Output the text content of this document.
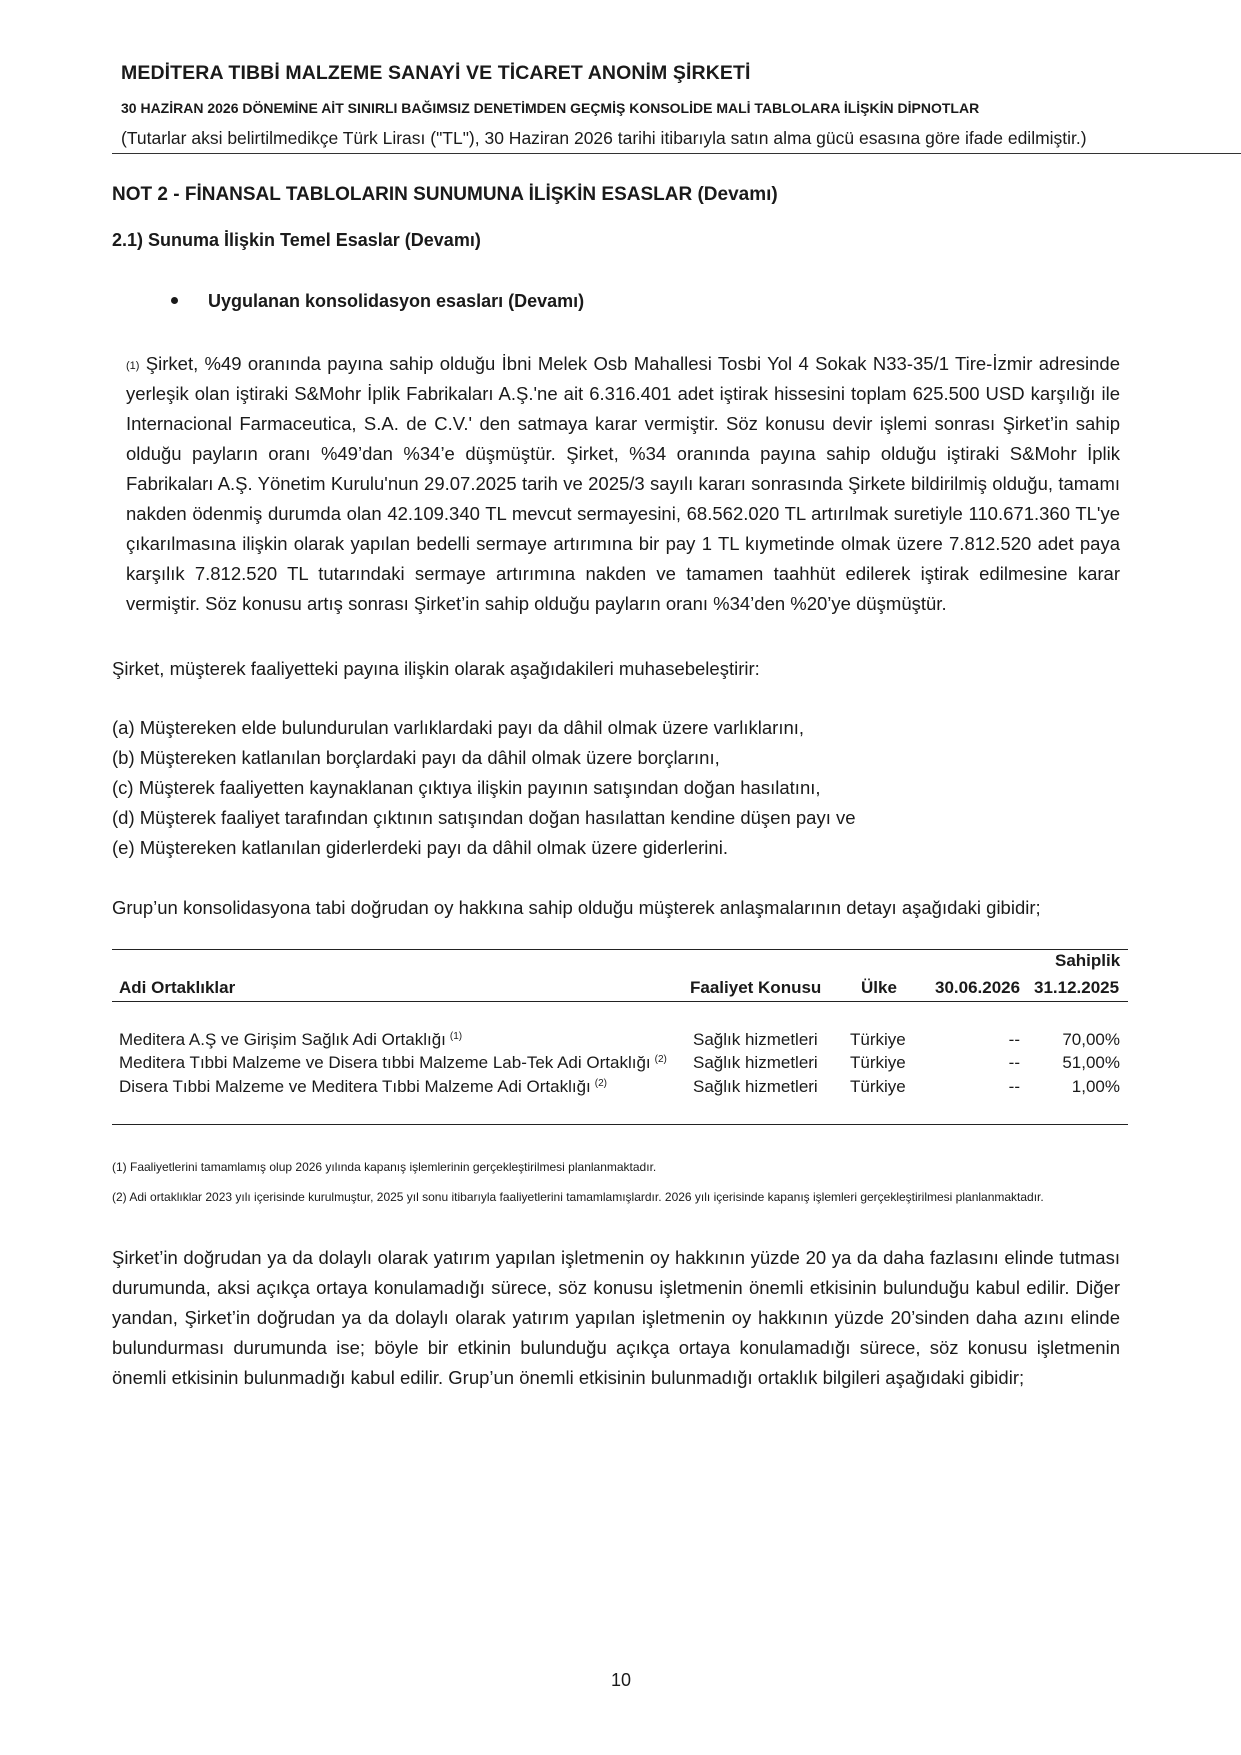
MEDİTERA TIBBİ MALZEME SANAYİ VE TİCARET ANONİM ŞİRKETİ
30 HAZİRAN 2026 DÖNEMİNE AİT SINIRLI BAĞIMSIZ DENETİMDEN GEÇMİŞ KONSOLİDE MALİ TABLOLARA İLİŞKİN DİPNOTLAR
(Tutarlar aksi belirtilmedikçe Türk Lirası ("TL"), 30 Haziran 2026 tarihi itibarıyla satın alma gücü esasına göre ifade edilmiştir.)
NOT 2 - FİNANSAL TABLOLARIN SUNUMUNA İLİŞKİN ESASLAR (Devamı)
2.1) Sunuma İlişkin Temel Esaslar (Devamı)
Uygulanan konsolidasyon esasları (Devamı)

$^{(1)}$ Şirket, %49 oranında payına sahip olduğu İbni Melek Osb Mahallesi Tosbi Yol 4 Sokak N33-35/1 Tire-İzmir adresinde yerleşik olan iştiraki S&Mohr İplik Fabrikaları A.Ş.'ne ait 6.316.401 adet iştirak hissesini toplam 625.500 USD karşılığı ile Internacional Farmaceutica, S.A. de C.V.' den satmaya karar vermiştir. Söz konusu devir işlemi sonrası Şirket’in sahip olduğu payların oranı %49’dan %34’e düşmüştür. Şirket, %34 oranında payına sahip olduğu iştiraki S&Mohr İplik Fabrikaları A.Ş. Yönetim Kurulu'nun 29.07.2025 tarih ve 2025/3 sayılı kararı sonrasında Şirkete bildirilmiş olduğu, tamamı nakden ödenmiş durumda olan 42.109.340 TL mevcut sermayesini, 68.562.020 TL artırılmak suretiyle 110.671.360 TL'ye çıkarılmasına ilişkin olarak yapılan bedelli sermaye artırımına bir pay 1 TL kıymetinde olmak üzere 7.812.520 adet paya karşılık 7.812.520 TL tutarındaki sermaye artırımına nakden ve tamamen taahhüt edilerek iştirak edilmesine karar vermiştir. Söz konusu artış sonrası Şirket’in sahip olduğu payların oranı %34’den %20’ye düşmüştür.

Şirket, müşterek faaliyetteki payına ilişkin olarak aşağıdakileri muhasebeleştirir:

(a) Müştereken elde bulundurulan varlıklardaki payı da dâhil olmak üzere varlıklarını,
(b) Müştereken katlanılan borçlardaki payı da dâhil olmak üzere borçlarını,
(c) Müşterek faaliyetten kaynaklanan çıktıya ilişkin payının satışından doğan hasılatını,
(d) Müşterek faaliyet tarafından çıktının satışından doğan hasılattan kendine düşen payı ve
(e) Müştereken katlanılan giderlerdeki payı da dâhil olmak üzere giderlerini.

Grup’un konsolidasyona tabi doğrudan oy hakkına sahip olduğu müşterek anlaşmalarının detayı aşağıdaki gibidir;

Sahiplik
Adi Ortaklıklar	Faaliyet Konusu Ülke 30.06.2026 31.12.2025
Meditera A.Ş ve Girişim Sağlık Adi Ortaklığı $^{(1)}$	Sağlık hizmetleri Türkiye	--	70,00%
Meditera Tıbbi Malzeme ve Disera tıbbi Malzeme Lab-Tek Adi Ortaklığı $^{(2)}$ Sağlık hizmetleri Türkiye	--	51,00%
Disera Tıbbi Malzeme ve Meditera Tıbbi Malzeme Adi Ortaklığı $^{(2)}$	Sağlık hizmetleri Türkiye	--	1,00%

(1) Faaliyetlerini tamamlamış olup 2026 yılında kapanış işlemlerinin gerçekleştirilmesi planlanmaktadır.

(2) Adi ortaklıklar 2023 yılı içerisinde kurulmuştur, 2025 yıl sonu itibarıyla faaliyetlerini tamamlamışlardır. 2026 yılı içerisinde kapanış işlemleri gerçekleştirilmesi planlanmaktadır.

Şirket’in doğrudan ya da dolaylı olarak yatırım yapılan işletmenin oy hakkının yüzde 20 ya da daha fazlasını elinde tutması durumunda, aksi açıkça ortaya konulamadığı sürece, söz konusu işletmenin önemli etkisinin bulunduğu kabul edilir. Diğer yandan, Şirket’in doğrudan ya da dolaylı olarak yatırım yapılan işletmenin oy hakkının yüzde 20’sinden daha azını elinde bulundurması durumunda ise; böyle bir etkinin bulunduğu açıkça ortaya konulamadığı sürece, söz konusu işletmenin önemli etkisinin bulunmadığı kabul edilir. Grup’un önemli etkisinin bulunmadığı ortaklık bilgileri aşağıdaki gibidir;

10
